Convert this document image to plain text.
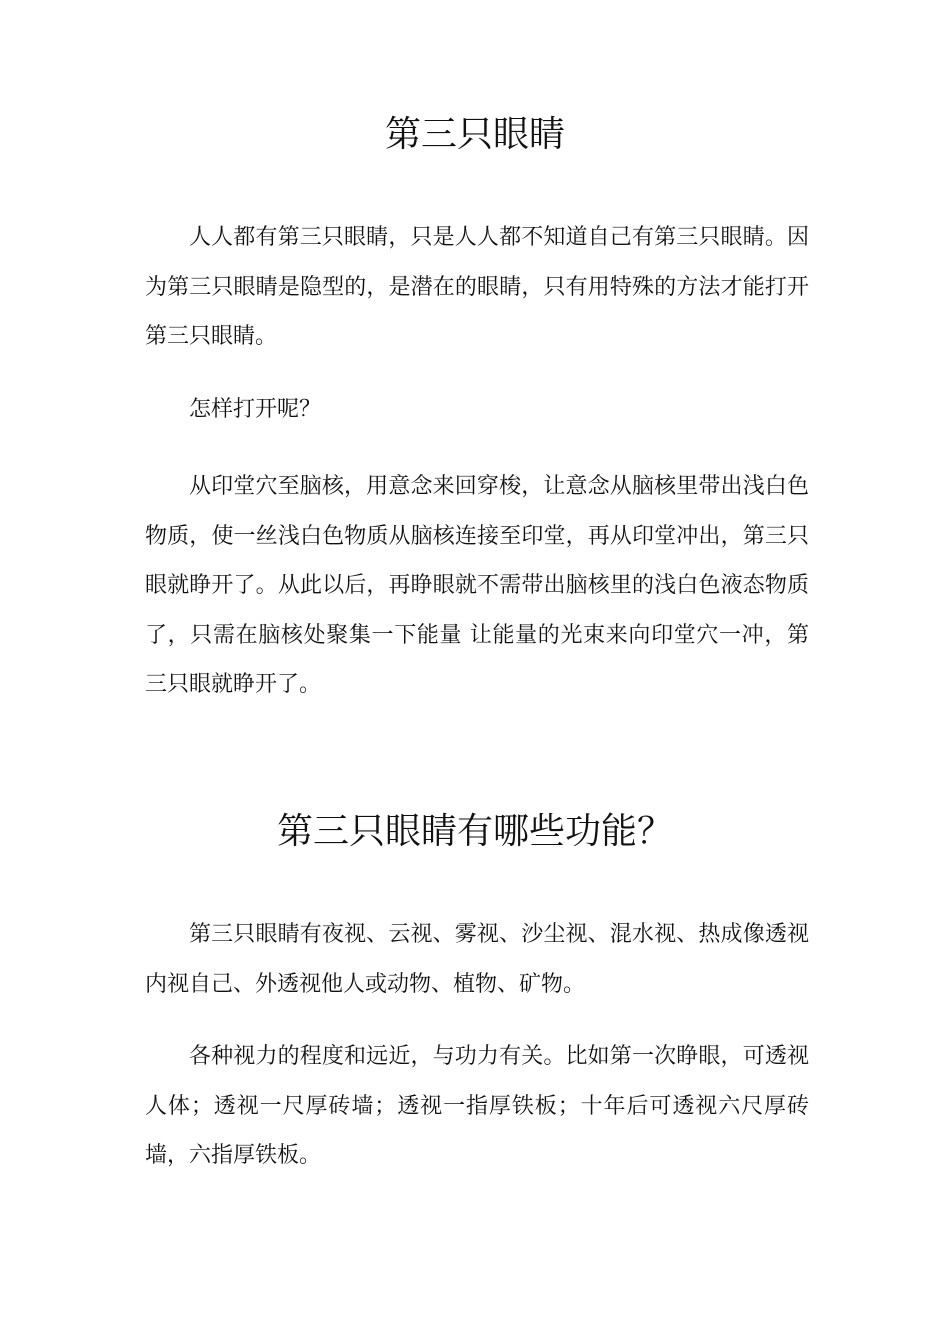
第三只眼睛

人人都有第三只眼睛，只是人人都不知道自己有第三只眼睛。因为第三只眼睛是隐型的，是潜在的眼睛，只有用特殊的方法才能打开第三只眼睛。

怎样打开呢？

从印堂穴至脑核，用意念来回穿梭，让意念从脑核里带出浅白色物质，使一丝浅白色物质从脑核连接至印堂，再从印堂冲出，第三只眼就睁开了。从此以后，再睁眼就不需带出脑核里的浅白色液态物质了，只需在脑核处聚集一下能量 让能量的光束来向印堂穴一冲，第三只眼就睁开了。

第三只眼睛有哪些功能？

第三只眼睛有夜视、云视、雾视、沙尘视、混水视、热成像透视内视自己、外透视他人或动物、植物、矿物。

各种视力的程度和远近，与功力有关。比如第一次睁眼，可透视人体；透视一尺厚砖墙；透视一指厚铁板；十年后可透视六尺厚砖墙，六指厚铁板。
